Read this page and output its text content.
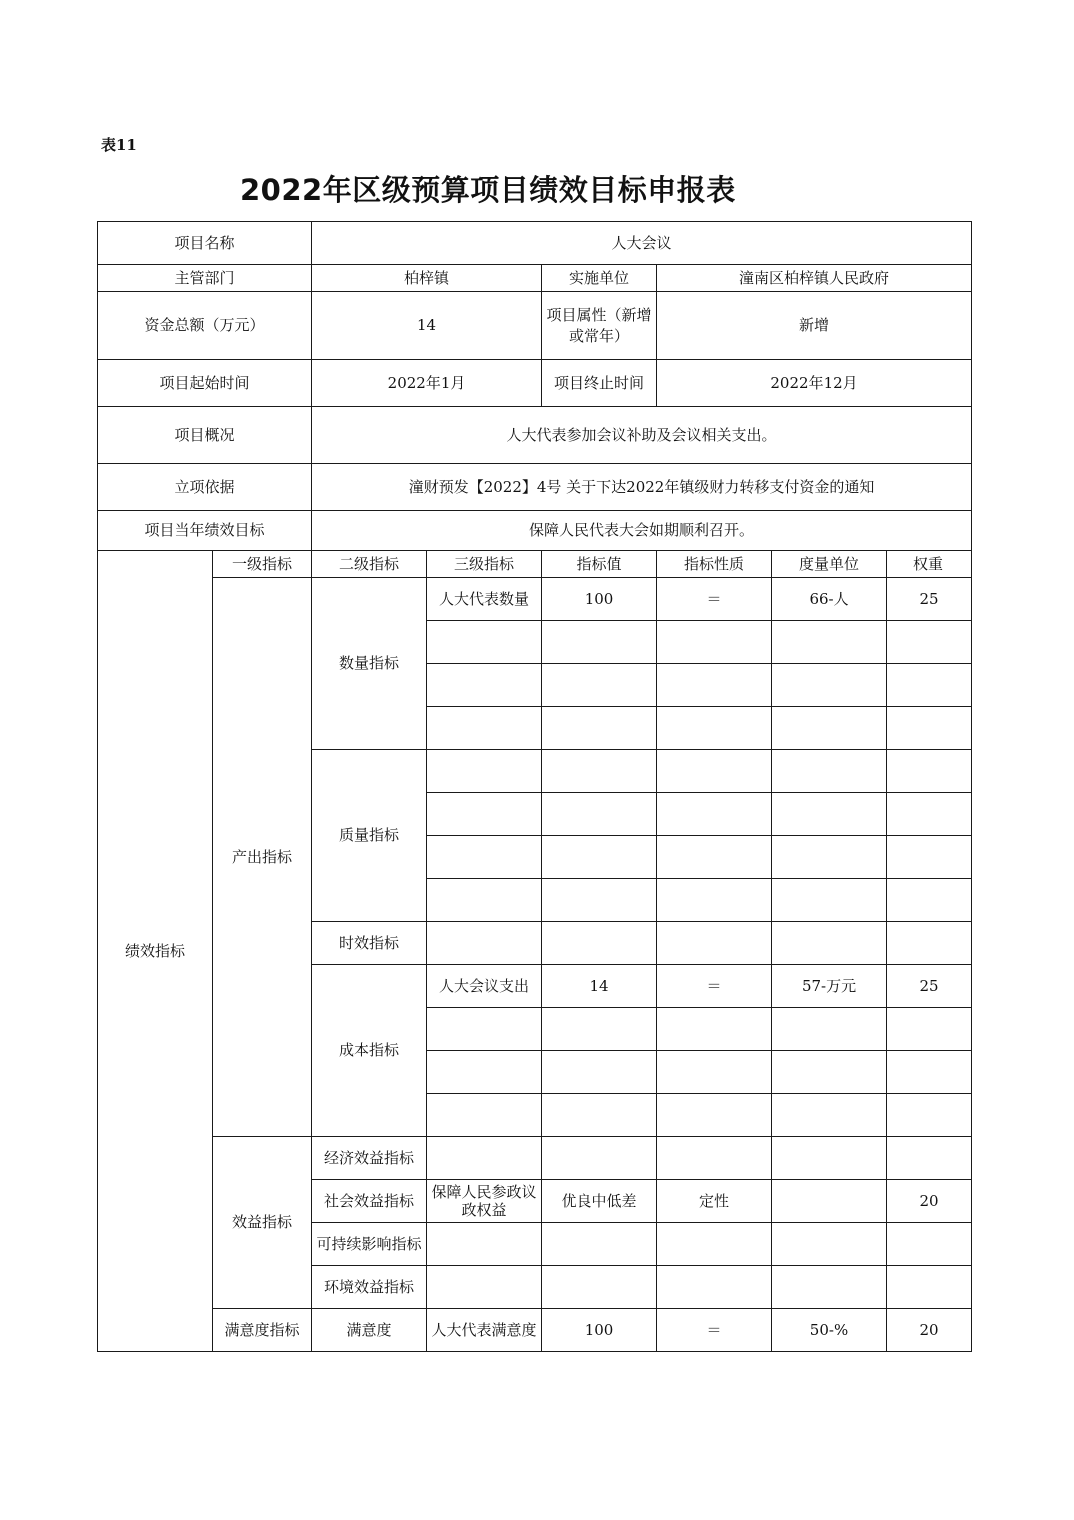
表11
2022年区级预算项目绩效目标申报表
项目名称		人大会议					
主管部门		柏梓镇		实施单位	潼南区柏梓镇人民政府		
资金总额（万元）		14		项目属性（新增或常年）	新增		
项目起始时间		2022年1月		项目终止时间	2022年12月		
项目概况		人大代表参加会议补助及会议相关支出。					
立项依据		潼财预发【2022】4号 关于下达2022年镇级财力转移支付资金的通知					
项目当年绩效目标		保障人民代表大会如期顺利召开。					
绩效指标	一级指标	二级指标	三级指标	指标值	指标性质	度量单位	权重
	产出指标	数量指标	人大代表数量	100	＝	66-人	25

		质量指标					

		时效指标					
		成本指标	人大会议支出	14	＝	57-万元	25

	效益指标	经济效益指标					
		社会效益指标	保障人民参政议政权益	优良中低差	定性		20
		可持续影响指标					
		环境效益指标					
	满意度指标	满意度	人大代表满意度	100	＝	50-%	20
